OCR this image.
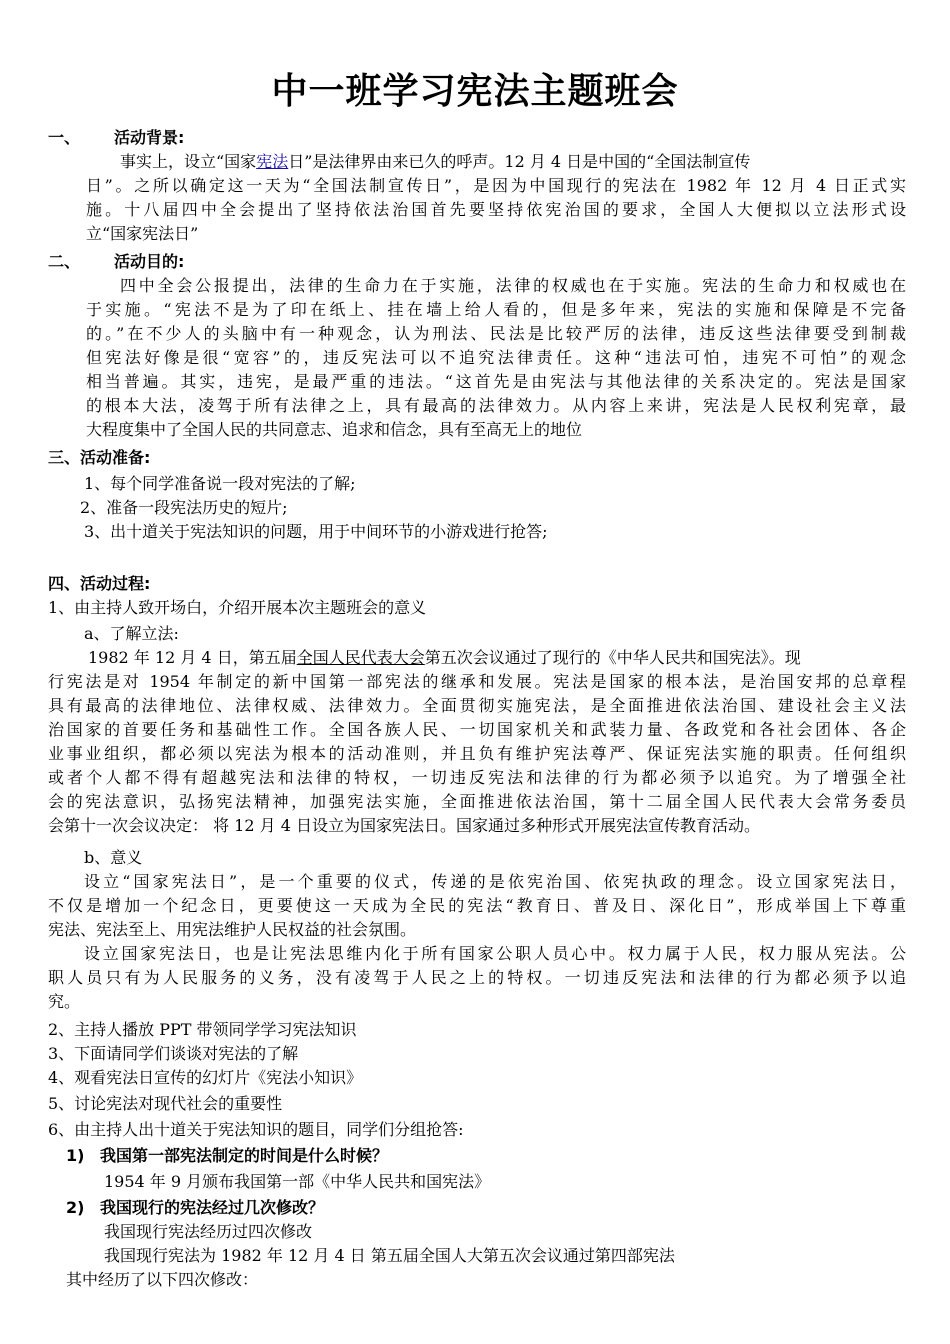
中一班学习宪法主题班会
一、 活动背景:
事实上，设立“国家宪法日”是法律界由来已久的呼声。12 月 4 日是中国的“全国法制宣传
日”。之所以确定这一天为“全国法制宣传日”，是因为中国现行的宪法在 1982 年 12 月 4 日正式实
施。十八届四中全会提出了坚持依法治国首先要坚持依宪治国的要求，全国人大便拟以立法形式设
立“国家宪法日”
二、 活动目的:
四中全会公报提出，法律的生命力在于实施，法律的权威也在于实施。宪法的生命力和权威也在
于实施。“宪法不是为了印在纸上、挂在墙上给人看的，但是多年来，宪法的实施和保障是不完备
的。”在不少人的头脑中有一种观念，认为刑法、民法是比较严厉的法律，违反这些法律要受到制裁
但宪法好像是很“宽容”的，违反宪法可以不追究法律责任。这种“违法可怕，违宪不可怕”的观念
相当普遍。其实，违宪，是最严重的违法。“这首先是由宪法与其他法律的关系决定的。宪法是国家
的根本大法，凌驾于所有法律之上，具有最高的法律效力。从内容上来讲，宪法是人民权利宪章，最
大程度集中了全国人民的共同意志、追求和信念，具有至高无上的地位
三、活动准备:
1、每个同学准备说一段对宪法的了解;
2、准备一段宪法历史的短片;
3、出十道关于宪法知识的问题，用于中间环节的小游戏进行抢答;
四、活动过程:
1、由主持人致开场白，介绍开展本次主题班会的意义
a、了解立法:
1982 年 12 月 4 日，第五届全国人民代表大会第五次会议通过了现行的《中华人民共和国宪法》。现
行宪法是对 1954 年制定的新中国第一部宪法的继承和发展。宪法是国家的根本法，是治国安邦的总章程
具有最高的法律地位、法律权威、法律效力。全面贯彻实施宪法，是全面推进依法治国、建设社会主义法
治国家的首要任务和基础性工作。全国各族人民、一切国家机关和武装力量、各政党和各社会团体、各企
业事业组织，都必须以宪法为根本的活动准则，并且负有维护宪法尊严、保证宪法实施的职责。任何组织
或者个人都不得有超越宪法和法律的特权，一切违反宪法和法律的行为都必须予以追究。为了增强全社
会的宪法意识，弘扬宪法精神，加强宪法实施，全面推进依法治国，第十二届全国人民代表大会常务委员
会第十一次会议决定： 将 12 月 4 日设立为国家宪法日。国家通过多种形式开展宪法宣传教育活动。
b、意义
设立“国家宪法日”，是一个重要的仪式，传递的是依宪治国、依宪执政的理念。设立国家宪法日，
不仅是增加一个纪念日，更要使这一天成为全民的宪法“教育日、普及日、深化日”，形成举国上下尊重
宪法、宪法至上、用宪法维护人民权益的社会氛围。
设立国家宪法日，也是让宪法思维内化于所有国家公职人员心中。权力属于人民，权力服从宪法。公
职人员只有为人民服务的义务，没有凌驾于人民之上的特权。一切违反宪法和法律的行为都必须予以追
究。
2、主持人播放 PPT 带领同学学习宪法知识
3、下面请同学们谈谈对宪法的了解
4、观看宪法日宣传的幻灯片《宪法小知识》
5、讨论宪法对现代社会的重要性
6、由主持人出十道关于宪法知识的题目，同学们分组抢答:
1) 我国第一部宪法制定的时间是什么时候？
1954 年 9 月颁布我国第一部《中华人民共和国宪法》
2) 我国现行的宪法经过几次修改？
我国现行宪法经历过四次修改
我国现行宪法为 1982 年 12 月 4 日 第五届全国人大第五次会议通过第四部宪法
其中经历了以下四次修改：
